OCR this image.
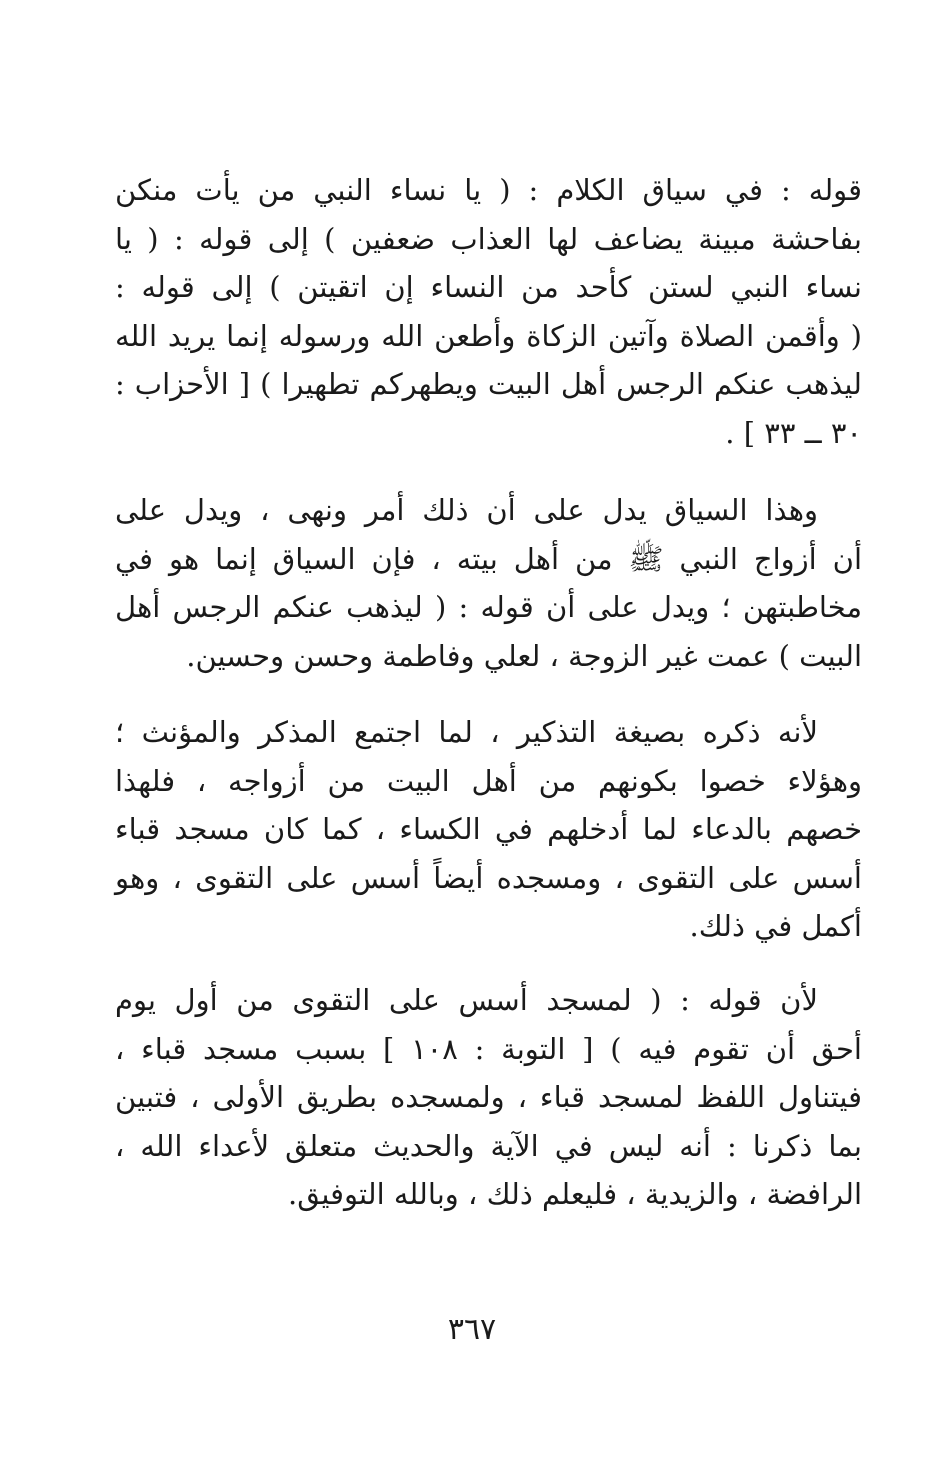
قوله : في سياق الكلام : ( يا نساء النبي من يأت منكن
بفاحشة مبينة يضاعف لها العذاب ضعفين ) إلى قوله : ( يا
نساء النبي لستن كأحد من النساء إن اتقيتن ) إلى قوله :
( وأقمن الصلاة وآتين الزكاة وأطعن الله ورسوله إنما يريد الله
ليذهب عنكم الرجس أهل البيت ويطهركم تطهيرا ) [ الأحزاب :
٣٠ ــ ٣٣ ] .
وهذا السياق يدل على أن ذلك أمر ونهى ، ويدل على
أن أزواج النبي ﷺ من أهل بيته ، فإن السياق إنما هو في
مخاطبتهن ؛ ويدل على أن قوله : ( ليذهب عنكم الرجس أهل
البيت ) عمت غير الزوجة ، لعلي وفاطمة وحسن وحسين.
لأنه ذكره بصيغة التذكير ، لما اجتمع المذكر والمؤنث ؛
وهؤلاء خصوا بكونهم من أهل البيت من أزواجه ، فلهذا
خصهم بالدعاء لما أدخلهم في الكساء ، كما كان مسجد قباء
أسس على التقوى ، ومسجده أيضاً أسس على التقوى ، وهو
أكمل في ذلك.
لأن قوله : ( لمسجد أسس على التقوى من أول يوم
أحق أن تقوم فيه ) [ التوبة : ١٠٨ ] بسبب مسجد قباء ،
فيتناول اللفظ لمسجد قباء ، ولمسجده بطريق الأولى ، فتبين
بما ذكرنا : أنه ليس في الآية والحديث متعلق لأعداء الله ،
الرافضة ، والزيدية ، فليعلم ذلك ، وبالله التوفيق.
٣٦٧
